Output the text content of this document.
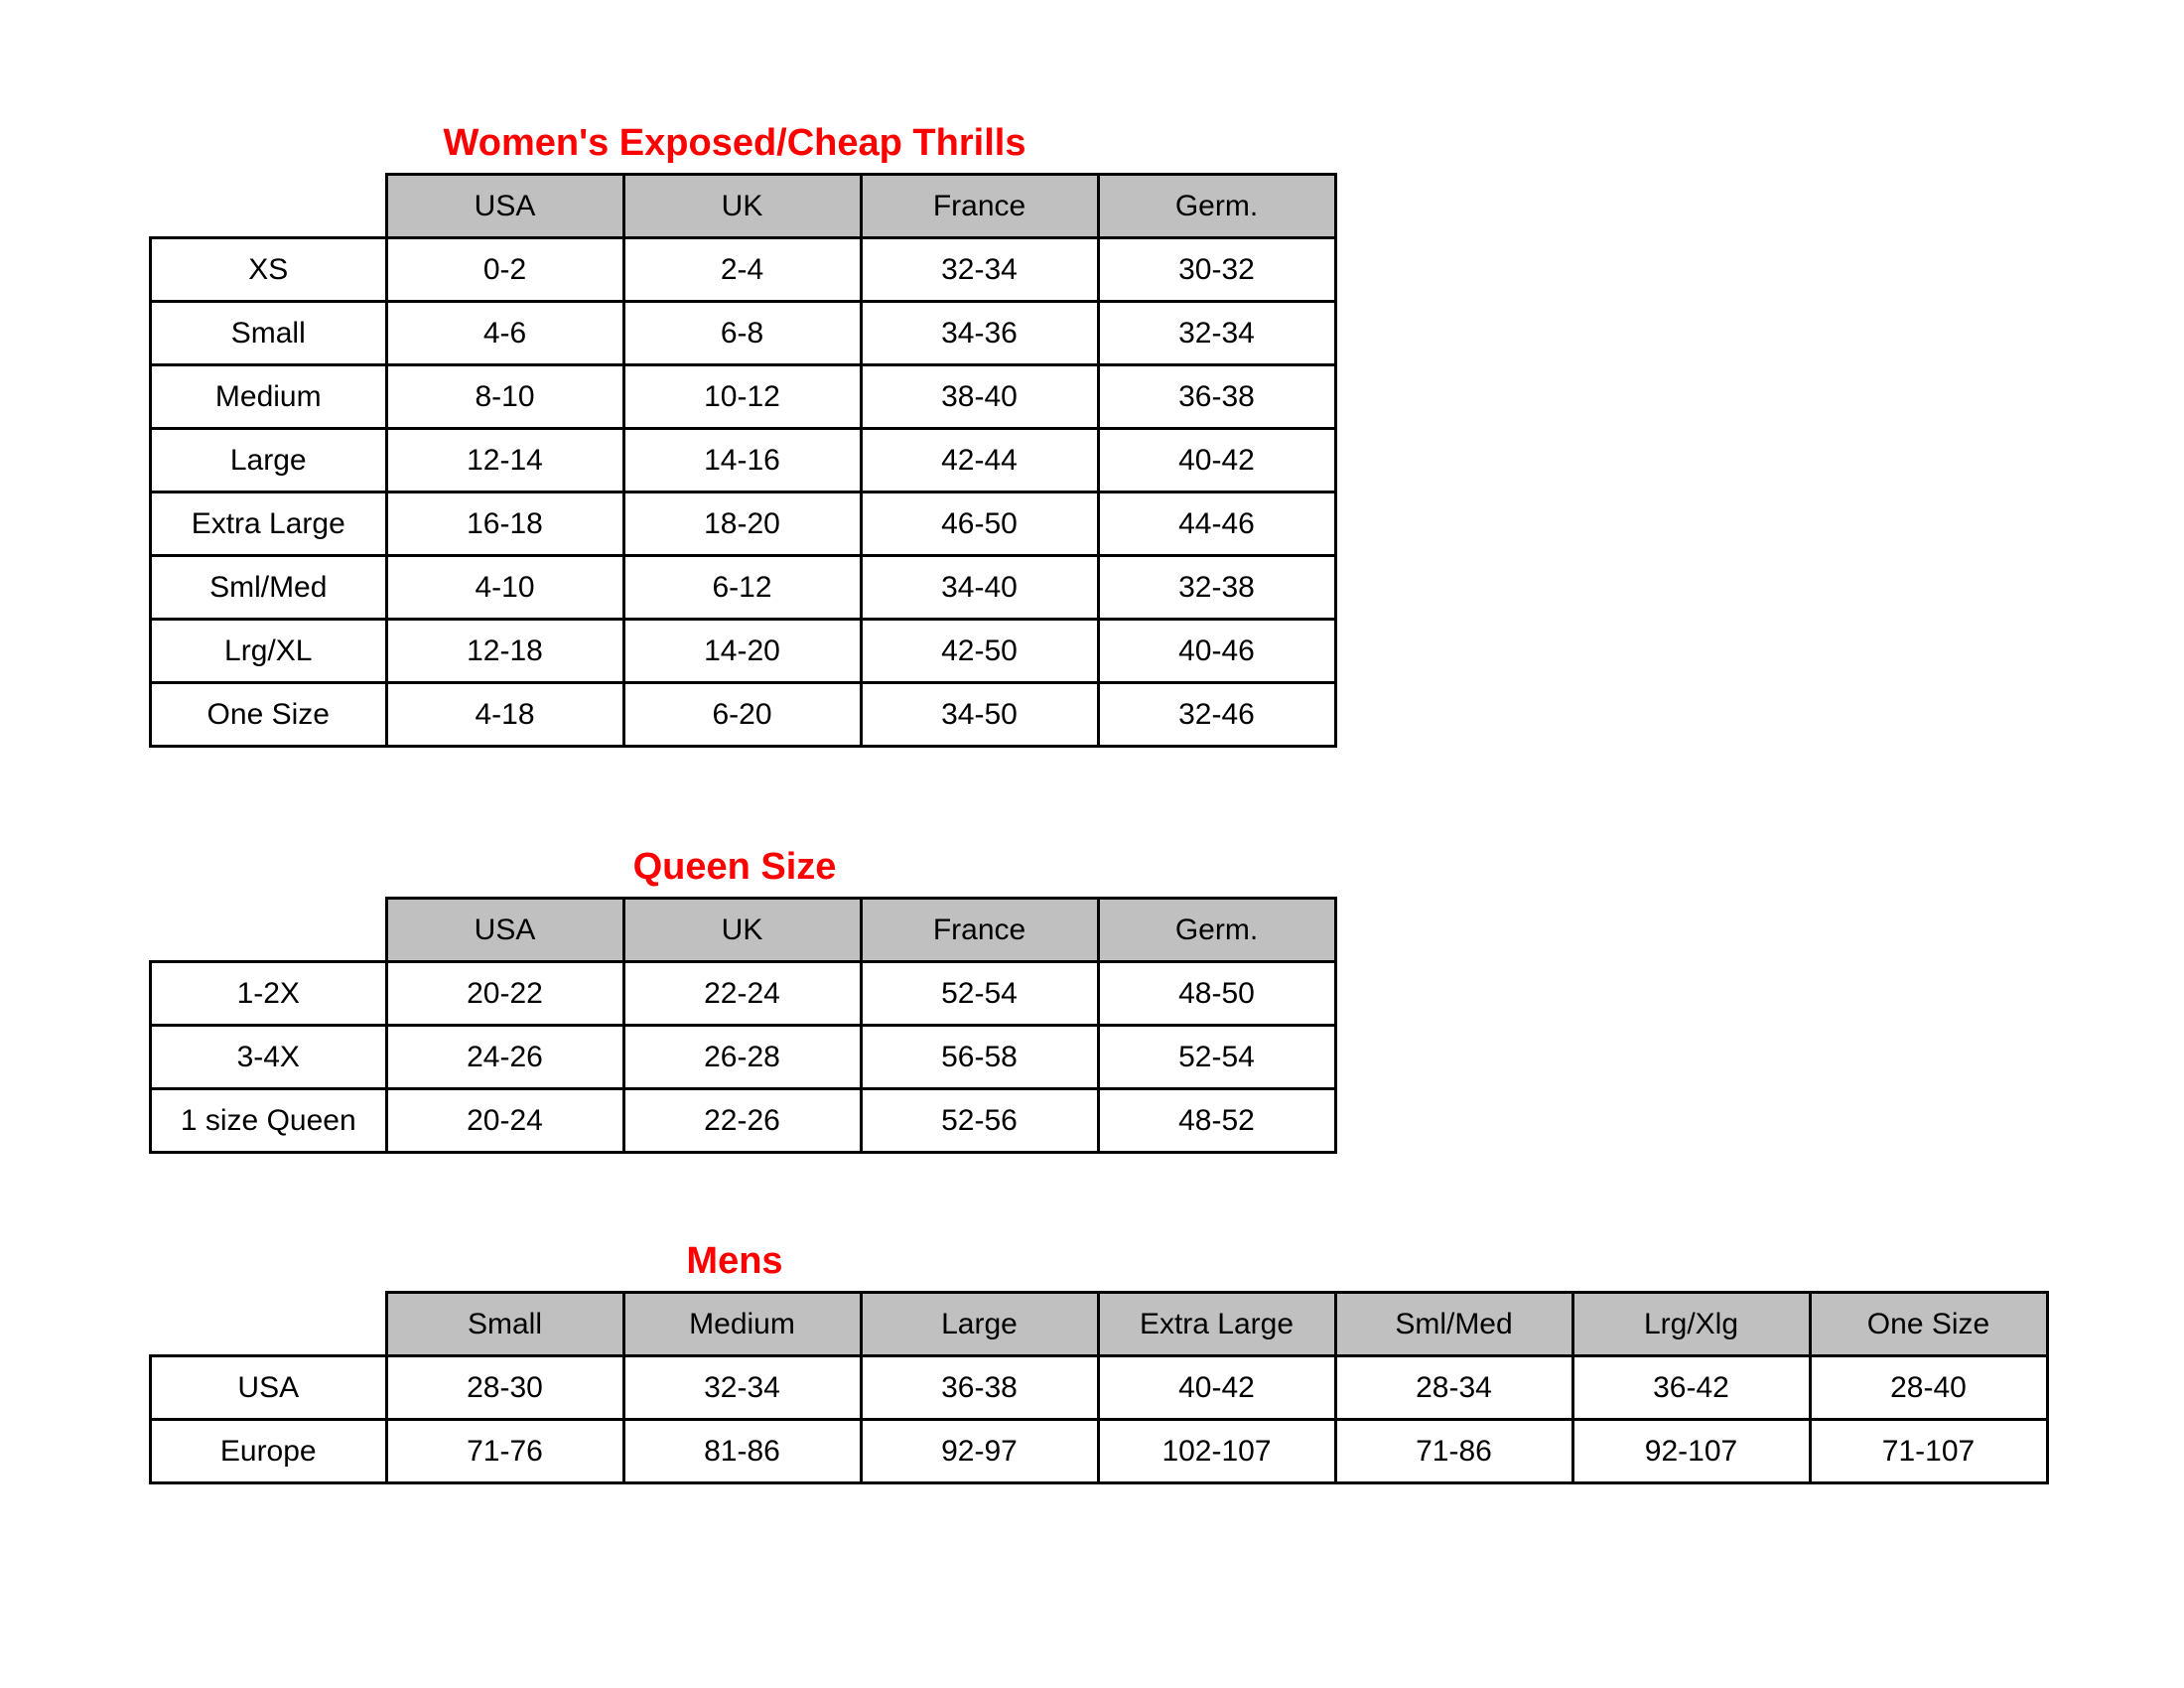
Women's Exposed/Cheap Thrills
	USA	UK	France	Germ.
XS	0-2	2-4	32-34	30-32
Small	4-6	6-8	34-36	32-34
Medium	8-10	10-12	38-40	36-38
Large	12-14	14-16	42-44	40-42
Extra Large	16-18	18-20	46-50	44-46
Sml/Med	4-10	6-12	34-40	32-38
Lrg/XL	12-18	14-20	42-50	40-46
One Size	4-18	6-20	34-50	32-46
Queen Size
	USA	UK	France	Germ.
1-2X	20-22	22-24	52-54	48-50
3-4X	24-26	26-28	56-58	52-54
1 size Queen	20-24	22-26	52-56	48-52
Mens
	Small	Medium	Large	Extra Large	Sml/Med	Lrg/Xlg	One Size
USA	28-30	32-34	36-38	40-42	28-34	36-42	28-40
Europe	71-76	81-86	92-97	102-107	71-86	92-107	71-107
